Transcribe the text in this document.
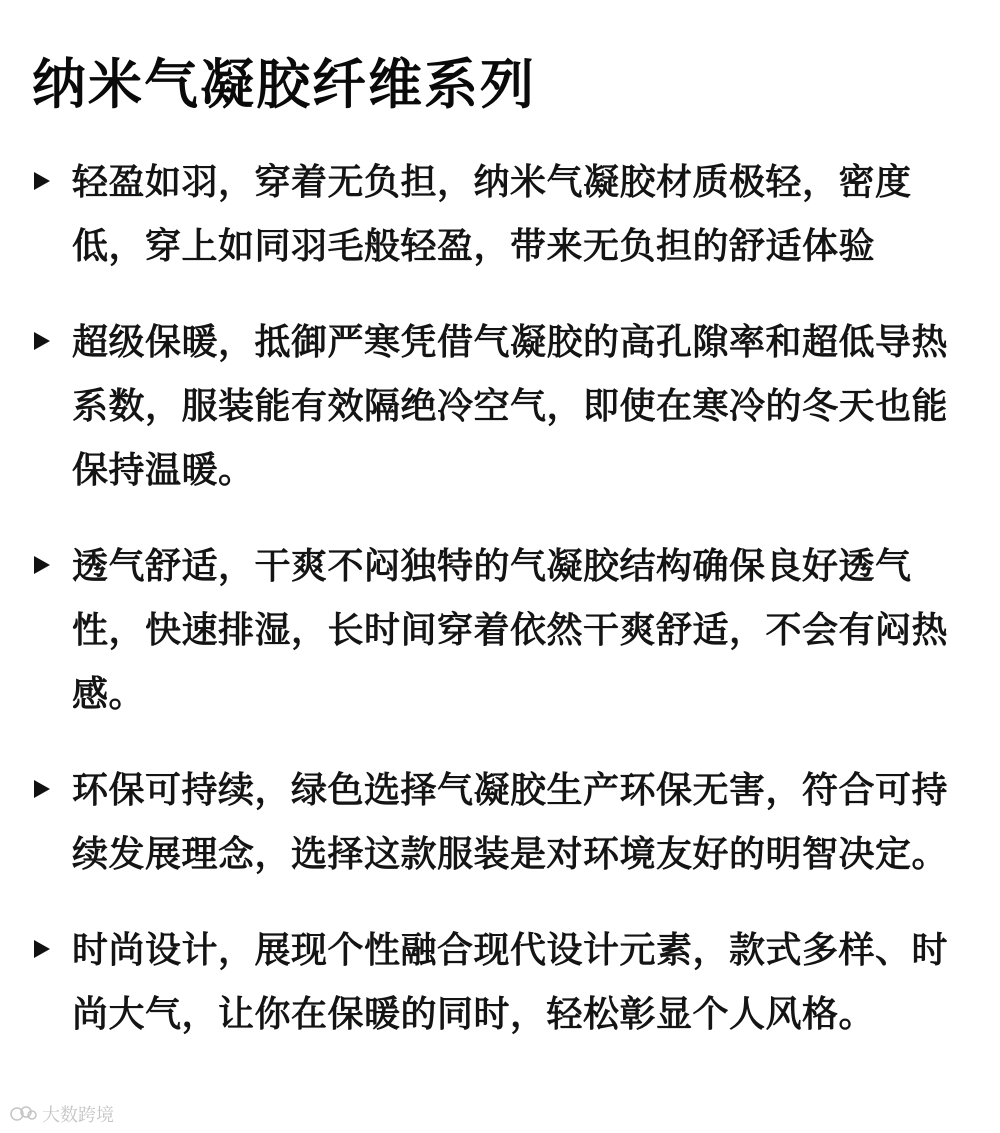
纳米气凝胶纤维系列
轻盈如羽，穿着无负担，纳米气凝胶材质极轻，密度低，穿上如同羽毛般轻盈，带来无负担的舒适体验
超级保暖，抵御严寒凭借气凝胶的高孔隙率和超低导热系数，服装能有效隔绝冷空气，即使在寒冷的冬天也能保持温暖。
透气舒适，干爽不闷独特的气凝胶结构确保良好透气性，快速排湿，长时间穿着依然干爽舒适，不会有闷热感。
环保可持续，绿色选择气凝胶生产环保无害，符合可持续发展理念，选择这款服装是对环境友好的明智决定。
时尚设计，展现个性融合现代设计元素，款式多样、时尚大气，让你在保暖的同时，轻松彰显个人风格。
大数跨境
